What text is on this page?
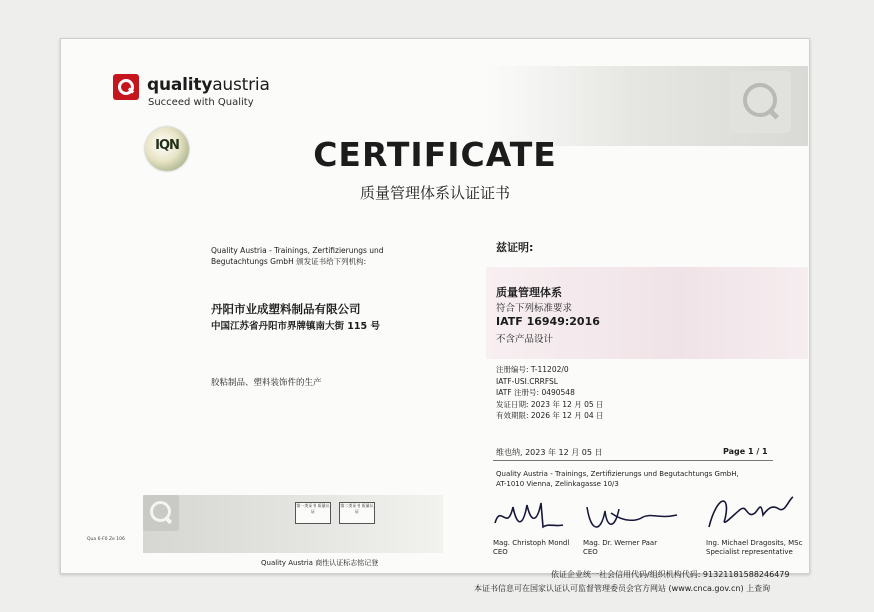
qualityaustria
Succeed with Quality
IQN	CERTIFICATE
质量管理体系认证证书
Quality Austria - Trainings, Zertifizierungs und
Begutachtungs GmbH 颁发证书给下列机构:
兹证明:
丹阳市业成塑料制品有限公司
中国江苏省丹阳市界牌镇南大街 115 号
胶粘制品、塑料装饰件的生产
质量管理体系
符合下列标准要求
IATF 16949:2016
不含产品设计
注册编号: T-11202/0
IATF-USI.CRRFSL
IATF 注册号: 0490548
发证日期: 2023 年 12 月 05 日
有效期限: 2026 年 12 月 04 日
维也纳, 2023 年 12 月 05 日	Page 1 / 1
Quality Austria - Trainings, Zertifizierungs und Begutachtungs GmbH,
AT-1010 Vienna, Zelinkagasse 10/3
Mag. Christoph Mondl
CEO
Mag. Dr. Werner Paar
CEO
Ing. Michael Dragosits, MSc
Specialist representative
第一类证书 质量认证
第二类证书 质量认证
Qua 6-F0 Ze 106
Quality Austria 商性认证标志铭记登
依证企业统一社会信用代码/组织机构代码: 91321181588246479
本证书信息可在国家认证认可监督管理委员会官方网站 (www.cnca.gov.cn) 上查询
